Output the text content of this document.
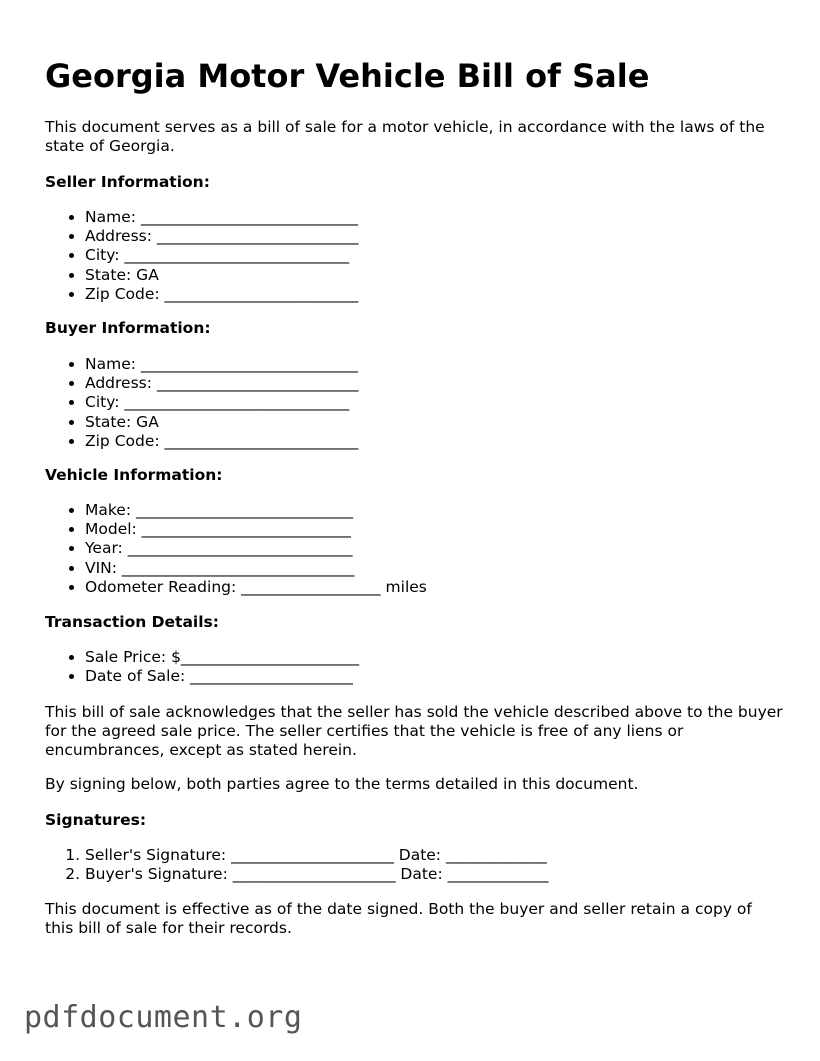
Georgia Motor Vehicle Bill of Sale

This document serves as a bill of sale for a motor vehicle, in accordance with the laws of the state of Georgia.

Seller Information:

• Name: ____________________________
• Address: __________________________
• City: _____________________________
• State: GA
• Zip Code: _________________________

Buyer Information:

• Name: ____________________________
• Address: __________________________
• City: _____________________________
• State: GA
• Zip Code: _________________________

Vehicle Information:

• Make: ____________________________
• Model: ___________________________
• Year: _____________________________
• VIN: ______________________________
• Odometer Reading: __________________ miles

Transaction Details:

• Sale Price: $_______________________
• Date of Sale: _____________________

This bill of sale acknowledges that the seller has sold the vehicle described above to the buyer for the agreed sale price. The seller certifies that the vehicle is free of any liens or encumbrances, except as stated herein.

By signing below, both parties agree to the terms detailed in this document.

Signatures:

1. Seller's Signature: _____________________ Date: _____________
2. Buyer's Signature: _____________________ Date: _____________

This document is effective as of the date signed. Both the buyer and seller retain a copy of this bill of sale for their records.

pdfdocument.org
